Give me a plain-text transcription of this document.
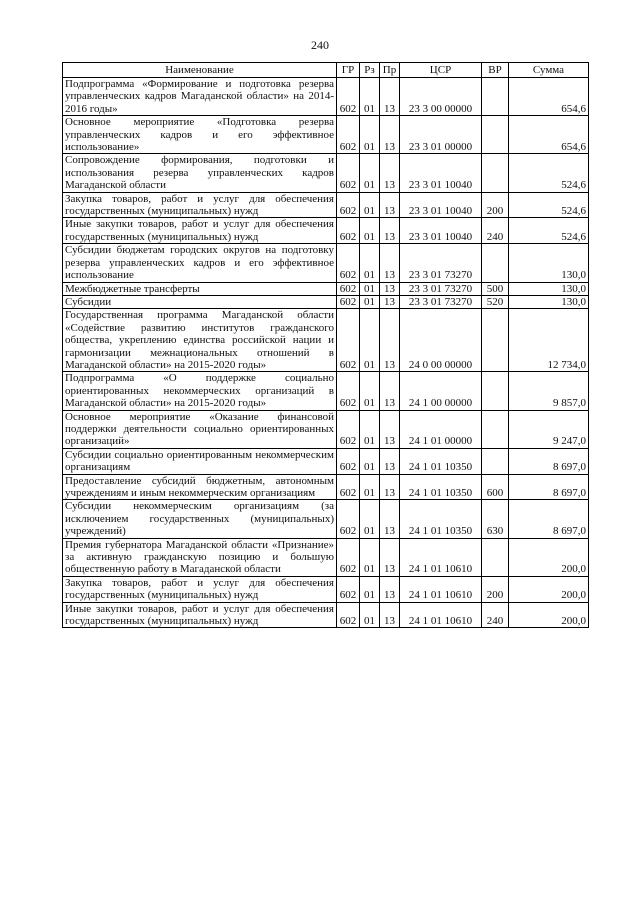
240
Наименование	ГР	Рз	Пр	ЦСР	ВР	Сумма
Подпрограмма «Формирование и подготовка резерва управленческих кадров Магаданской области» на 2014-2016 годы»	602	01	13	23 3 00 00000		654,6
Основное мероприятие «Подготовка резерва управленческих кадров и его эффективное использование»	602	01	13	23 3 01 00000		654,6
Сопровождение формирования, подготовки и использования резерва управленческих кадров Магаданской области	602	01	13	23 3 01 10040		524,6
Закупка товаров, работ и услуг для обеспечения государственных (муниципальных) нужд	602	01	13	23 3 01 10040	200	524,6
Иные закупки товаров, работ и услуг для обеспечения государственных (муниципальных) нужд	602	01	13	23 3 01 10040	240	524,6
Субсидии бюджетам городских округов на подготовку резерва управленческих кадров и его эффективное использование	602	01	13	23 3 01 73270		130,0
Межбюджетные трансферты	602	01	13	23 3 01 73270	500	130,0
Субсидии	602	01	13	23 3 01 73270	520	130,0
Государственная программа Магаданской области «Содействие развитию институтов гражданского общества, укреплению единства российской нации и гармонизации межнациональных отношений в Магаданской области» на 2015-2020 годы»	602	01	13	24 0 00 00000		12 734,0
Подпрограмма «О поддержке социально ориентированных некоммерческих организаций в Магаданской области» на 2015-2020 годы»	602	01	13	24 1 00 00000		9 857,0
Основное мероприятие «Оказание финансовой поддержки деятельности социально ориентированных организаций»	602	01	13	24 1 01 00000		9 247,0
Субсидии социально ориентированным некоммерческим организациям	602	01	13	24 1 01 10350		8 697,0
Предоставление субсидий бюджетным, автономным учреждениям и иным некоммерческим организациям	602	01	13	24 1 01 10350	600	8 697,0
Субсидии некоммерческим организациям (за исключением государственных (муниципальных) учреждений)	602	01	13	24 1 01 10350	630	8 697,0
Премия губернатора Магаданской области «Признание» за активную гражданскую позицию и большую общественную работу в Магаданской области	602	01	13	24 1 01 10610		200,0
Закупка товаров, работ и услуг для обеспечения государственных (муниципальных) нужд	602	01	13	24 1 01 10610	200	200,0
Иные закупки товаров, работ и услуг для обеспечения государственных (муниципальных) нужд	602	01	13	24 1 01 10610	240	200,0
